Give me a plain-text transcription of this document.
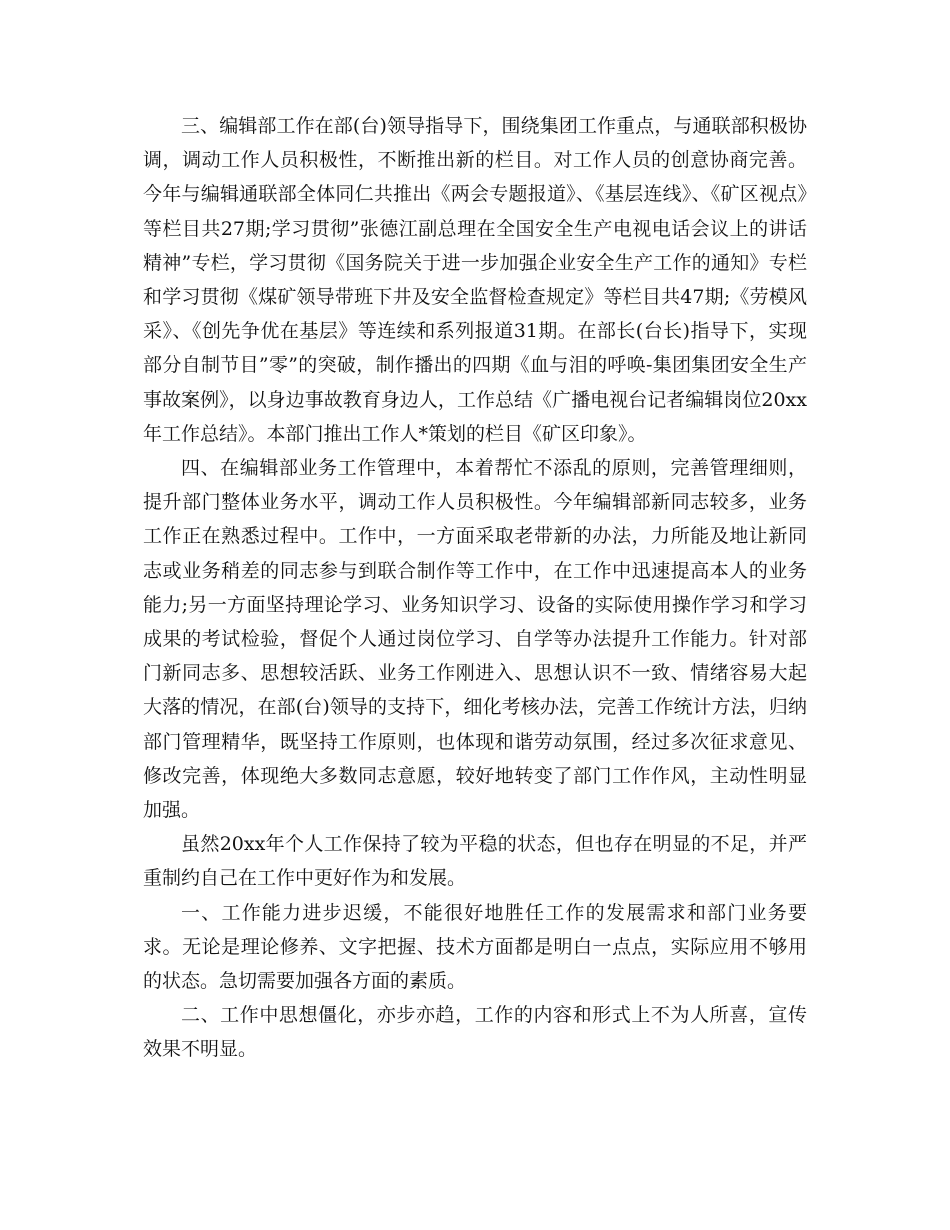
三、编辑部工作在部(台)领导指导下，围绕集团工作重点，与通联部积极协调，调动工作人员积极性，不断推出新的栏目。对工作人员的创意协商完善。今年与编辑通联部全体同仁共推出《两会专题报道》、《基层连线》、《矿区视点》等栏目共27期;学习贯彻”张德江副总理在全国安全生产电视电话会议上的讲话精神”专栏，学习贯彻《国务院关于进一步加强企业安全生产工作的通知》专栏和学习贯彻《煤矿领导带班下井及安全监督检查规定》等栏目共47期;《劳模风采》、《创先争优在基层》等连续和系列报道31期。在部长(台长)指导下，实现部分自制节目”零”的突破，制作播出的四期《血与泪的呼唤-集团集团安全生产事故案例》，以身边事故教育身边人，工作总结《广播电视台记者编辑岗位20xx年工作总结》。本部门推出工作人*策划的栏目《矿区印象》。

四、在编辑部业务工作管理中，本着帮忙不添乱的原则，完善管理细则，提升部门整体业务水平，调动工作人员积极性。今年编辑部新同志较多，业务工作正在熟悉过程中。工作中，一方面采取老带新的办法，力所能及地让新同志或业务稍差的同志参与到联合制作等工作中，在工作中迅速提高本人的业务能力;另一方面坚持理论学习、业务知识学习、设备的实际使用操作学习和学习成果的考试检验，督促个人通过岗位学习、自学等办法提升工作能力。针对部门新同志多、思想较活跃、业务工作刚进入、思想认识不一致、情绪容易大起大落的情况，在部(台)领导的支持下，细化考核办法，完善工作统计方法，归纳部门管理精华，既坚持工作原则，也体现和谐劳动氛围，经过多次征求意见、修改完善，体现绝大多数同志意愿，较好地转变了部门工作作风，主动性明显加强。

虽然20xx年个人工作保持了较为平稳的状态，但也存在明显的不足，并严重制约自己在工作中更好作为和发展。

一、工作能力进步迟缓，不能很好地胜任工作的发展需求和部门业务要求。无论是理论修养、文字把握、技术方面都是明白一点点，实际应用不够用的状态。急切需要加强各方面的素质。

二、工作中思想僵化，亦步亦趋，工作的内容和形式上不为人所喜，宣传效果不明显。
